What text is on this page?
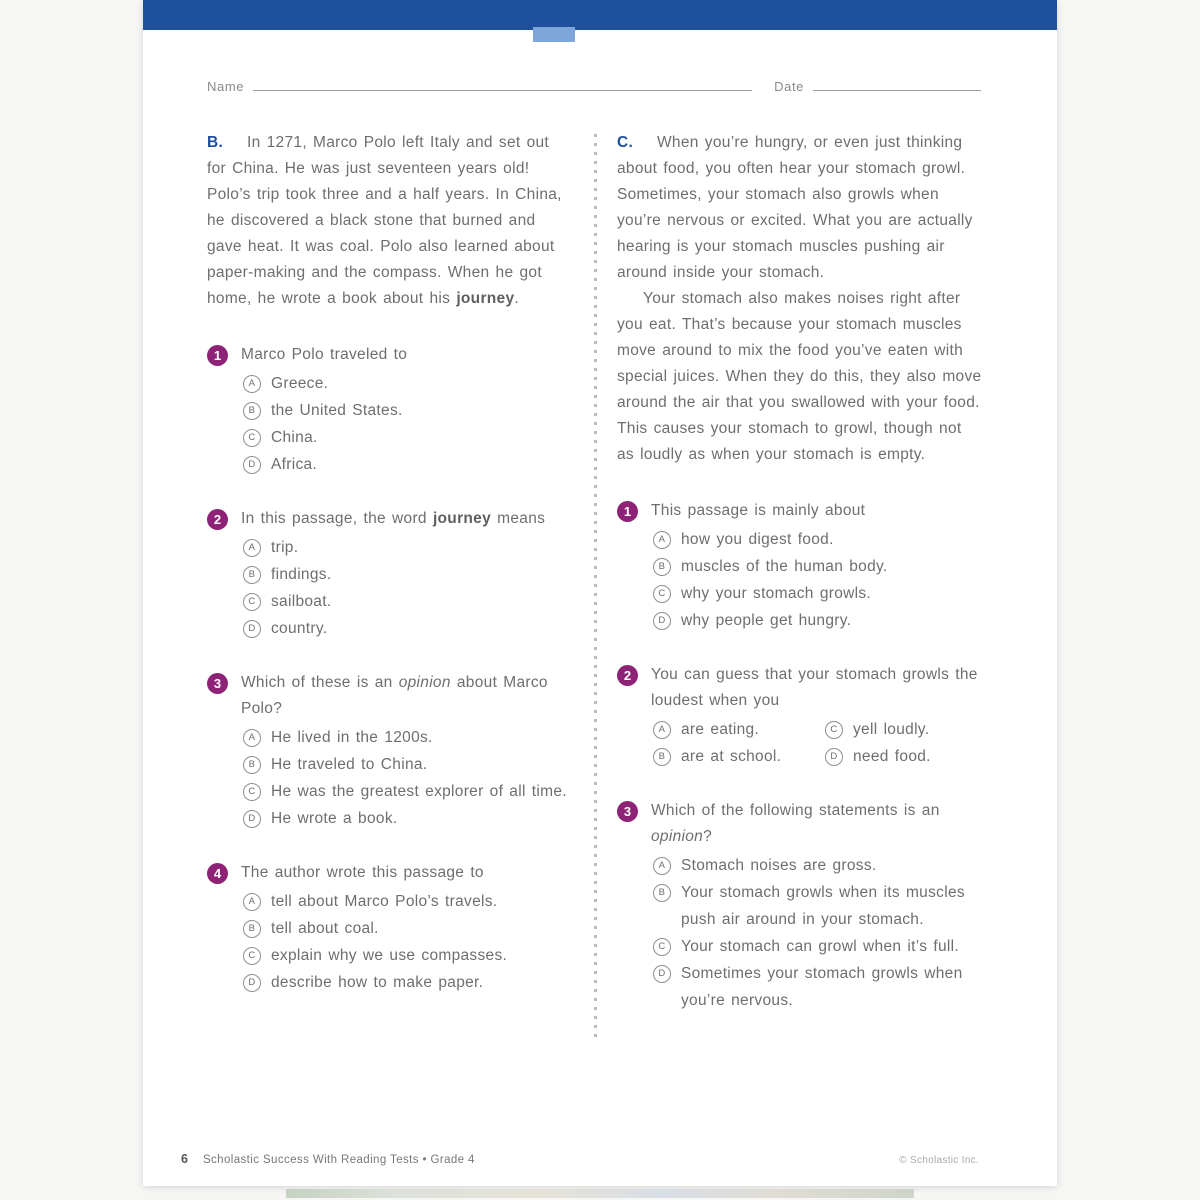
Name	Date

B. In 1271, Marco Polo left Italy and set out for China. He was just seventeen years old! Polo’s trip took three and a half years. In China, he discovered a black stone that burned and gave heat. It was coal. Polo also learned about paper-making and the compass. When he got home, he wrote a book about his journey.

1	Marco Polo traveled to
A	Greece.
B	the United States.
C China.
D Africa.
2	In this passage, the word journey means
A	trip.
B	findings.
C sailboat.
D country.
3	Which of these is an opinion about Marco Polo?
A	He lived in the 1200s.
B	He traveled to China.
C He was the greatest explorer of all time.
D He wrote a book.
4	The author wrote this passage to
A	tell about Marco Polo’s travels.
B	tell about coal.
C explain why we use compasses.
D describe how to make paper.

C. When you’re hungry, or even just thinking about food, you often hear your stomach growl. Sometimes, your stomach also growls when you’re nervous or excited. What you are actually hearing is your stomach muscles pushing air around inside your stomach.

Your stomach also makes noises right after you eat. That’s because your stomach muscles move around to mix the food you’ve eaten with special juices. When they do this, they also move around the air that you swallowed with your food. This causes your stomach to growl, though not as loudly as when your stomach is empty.

1	This passage is mainly about
A	how you digest food.
B	muscles of the human body.
C why your stomach growls.
D why people get hungry.
2	You can guess that your stomach growls the loudest when you
A	are eating.
B	are at school.
C yell loudly.
D need food.
3	Which of the following statements is an opinion?
A	Stomach noises are gross.
B	Your stomach growls when its muscles push air around in your stomach.
C Your stomach can growl when it’s full.
D Sometimes your stomach growls when you’re nervous.
6 Scholastic Success With Reading Tests • Grade 4	© Scholastic Inc.
